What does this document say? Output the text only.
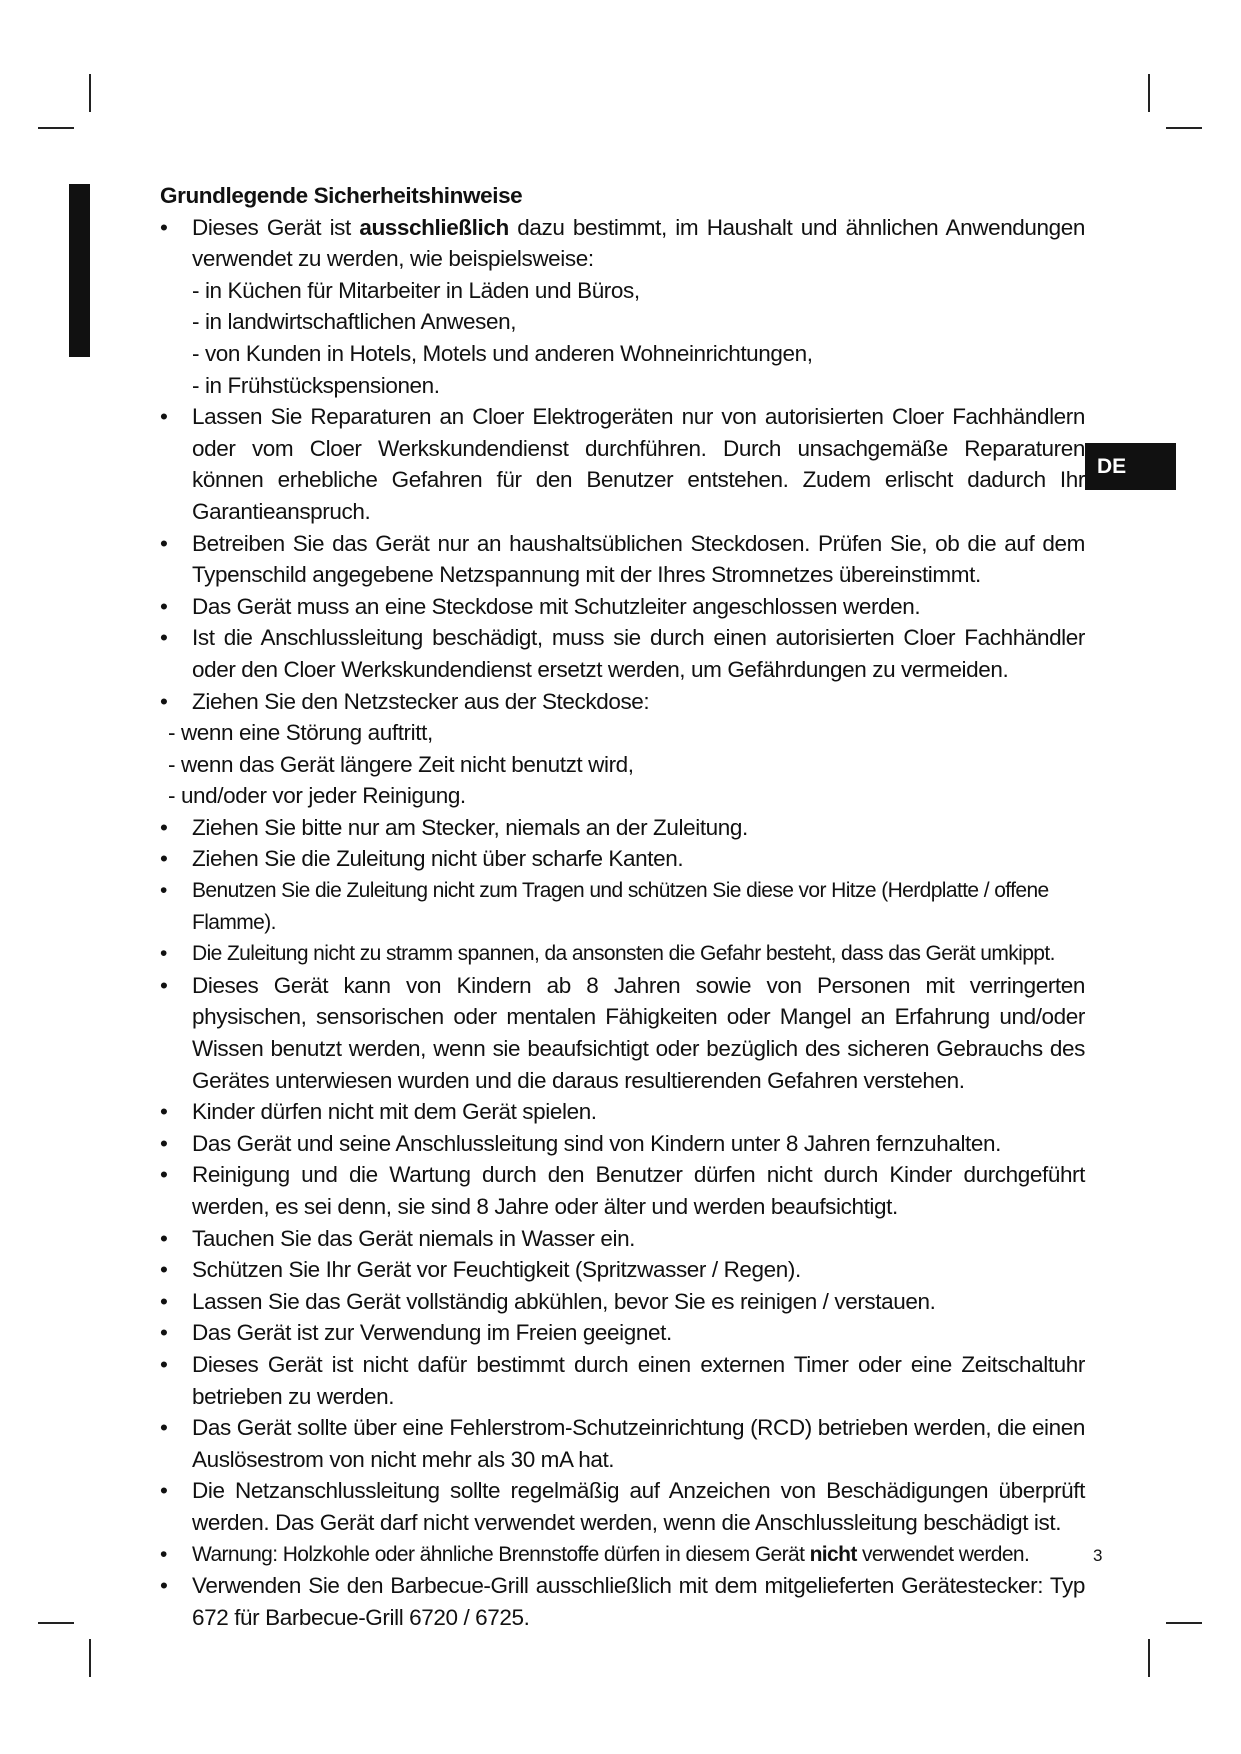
DE
Grundlegende Sicherheitshinweise
• Dieses Gerät ist ausschließlich dazu bestimmt, im Haushalt und ähnlichen Anwendungen verwendet zu werden, wie beispielsweise:
- in Küchen für Mitarbeiter in Läden und Büros,
- in landwirtschaftlichen Anwesen,
- von Kunden in Hotels, Motels und anderen Wohneinrichtungen,
- in Frühstückspensionen.
• Lassen Sie Reparaturen an Cloer Elektrogeräten nur von autorisierten Cloer Fachhändlern oder vom Cloer Werkskundendienst durchführen. Durch unsachgemäße Reparaturen können erhebliche Gefahren für den Benutzer entstehen. Zudem erlischt dadurch Ihr Garantieanspruch.
• Betreiben Sie das Gerät nur an haushaltsüblichen Steckdosen. Prüfen Sie, ob die auf dem Typenschild angegebene Netzspannung mit der Ihres Stromnetzes übereinstimmt.
• Das Gerät muss an eine Steckdose mit Schutzleiter angeschlossen werden.
• Ist die Anschlussleitung beschädigt, muss sie durch einen autorisierten Cloer Fachhändler oder den Cloer Werkskundendienst ersetzt werden, um Gefährdungen zu vermeiden.
• Ziehen Sie den Netzstecker aus der Steckdose:
- wenn eine Störung auftritt,
- wenn das Gerät längere Zeit nicht benutzt wird,
- und/oder vor jeder Reinigung.
• Ziehen Sie bitte nur am Stecker, niemals an der Zuleitung.
• Ziehen Sie die Zuleitung nicht über scharfe Kanten.
• Benutzen Sie die Zuleitung nicht zum Tragen und schützen Sie diese vor Hitze (Herdplatte / offene Flamme).
• Die Zuleitung nicht zu stramm spannen, da ansonsten die Gefahr besteht, dass das Gerät umkippt.
• Dieses Gerät kann von Kindern ab 8 Jahren sowie von Personen mit verringerten physischen, sensorischen oder mentalen Fähigkeiten oder Mangel an Erfahrung und/oder Wissen benutzt werden, wenn sie beaufsichtigt oder bezüglich des sicheren Gebrauchs des Gerätes unterwiesen wurden und die daraus resultierenden Gefahren verstehen.
• Kinder dürfen nicht mit dem Gerät spielen.
• Das Gerät und seine Anschlussleitung sind von Kindern unter 8 Jahren fernzuhalten.
• Reinigung und die Wartung durch den Benutzer dürfen nicht durch Kinder durchgeführt werden, es sei denn, sie sind 8 Jahre oder älter und werden beaufsichtigt.
• Tauchen Sie das Gerät niemals in Wasser ein.
• Schützen Sie Ihr Gerät vor Feuchtigkeit (Spritzwasser / Regen).
• Lassen Sie das Gerät vollständig abkühlen, bevor Sie es reinigen / verstauen.
• Das Gerät ist zur Verwendung im Freien geeignet.
• Dieses Gerät ist nicht dafür bestimmt durch einen externen Timer oder eine Zeitschaltuhr betrieben zu werden.
• Das Gerät sollte über eine Fehlerstrom-Schutzeinrichtung (RCD) betrieben werden, die einen Auslösestrom von nicht mehr als 30 mA hat.
• Die Netzanschlussleitung sollte regelmäßig auf Anzeichen von Beschädigungen überprüft werden. Das Gerät darf nicht verwendet werden, wenn die Anschlussleitung beschädigt ist.
• Warnung: Holzkohle oder ähnliche Brennstoffe dürfen in diesem Gerät nicht verwendet werden.
• Verwenden Sie den Barbecue-Grill ausschließlich mit dem mitgelieferten Gerätestecker: Typ 672 für Barbecue-Grill 6720 / 6725.
3
